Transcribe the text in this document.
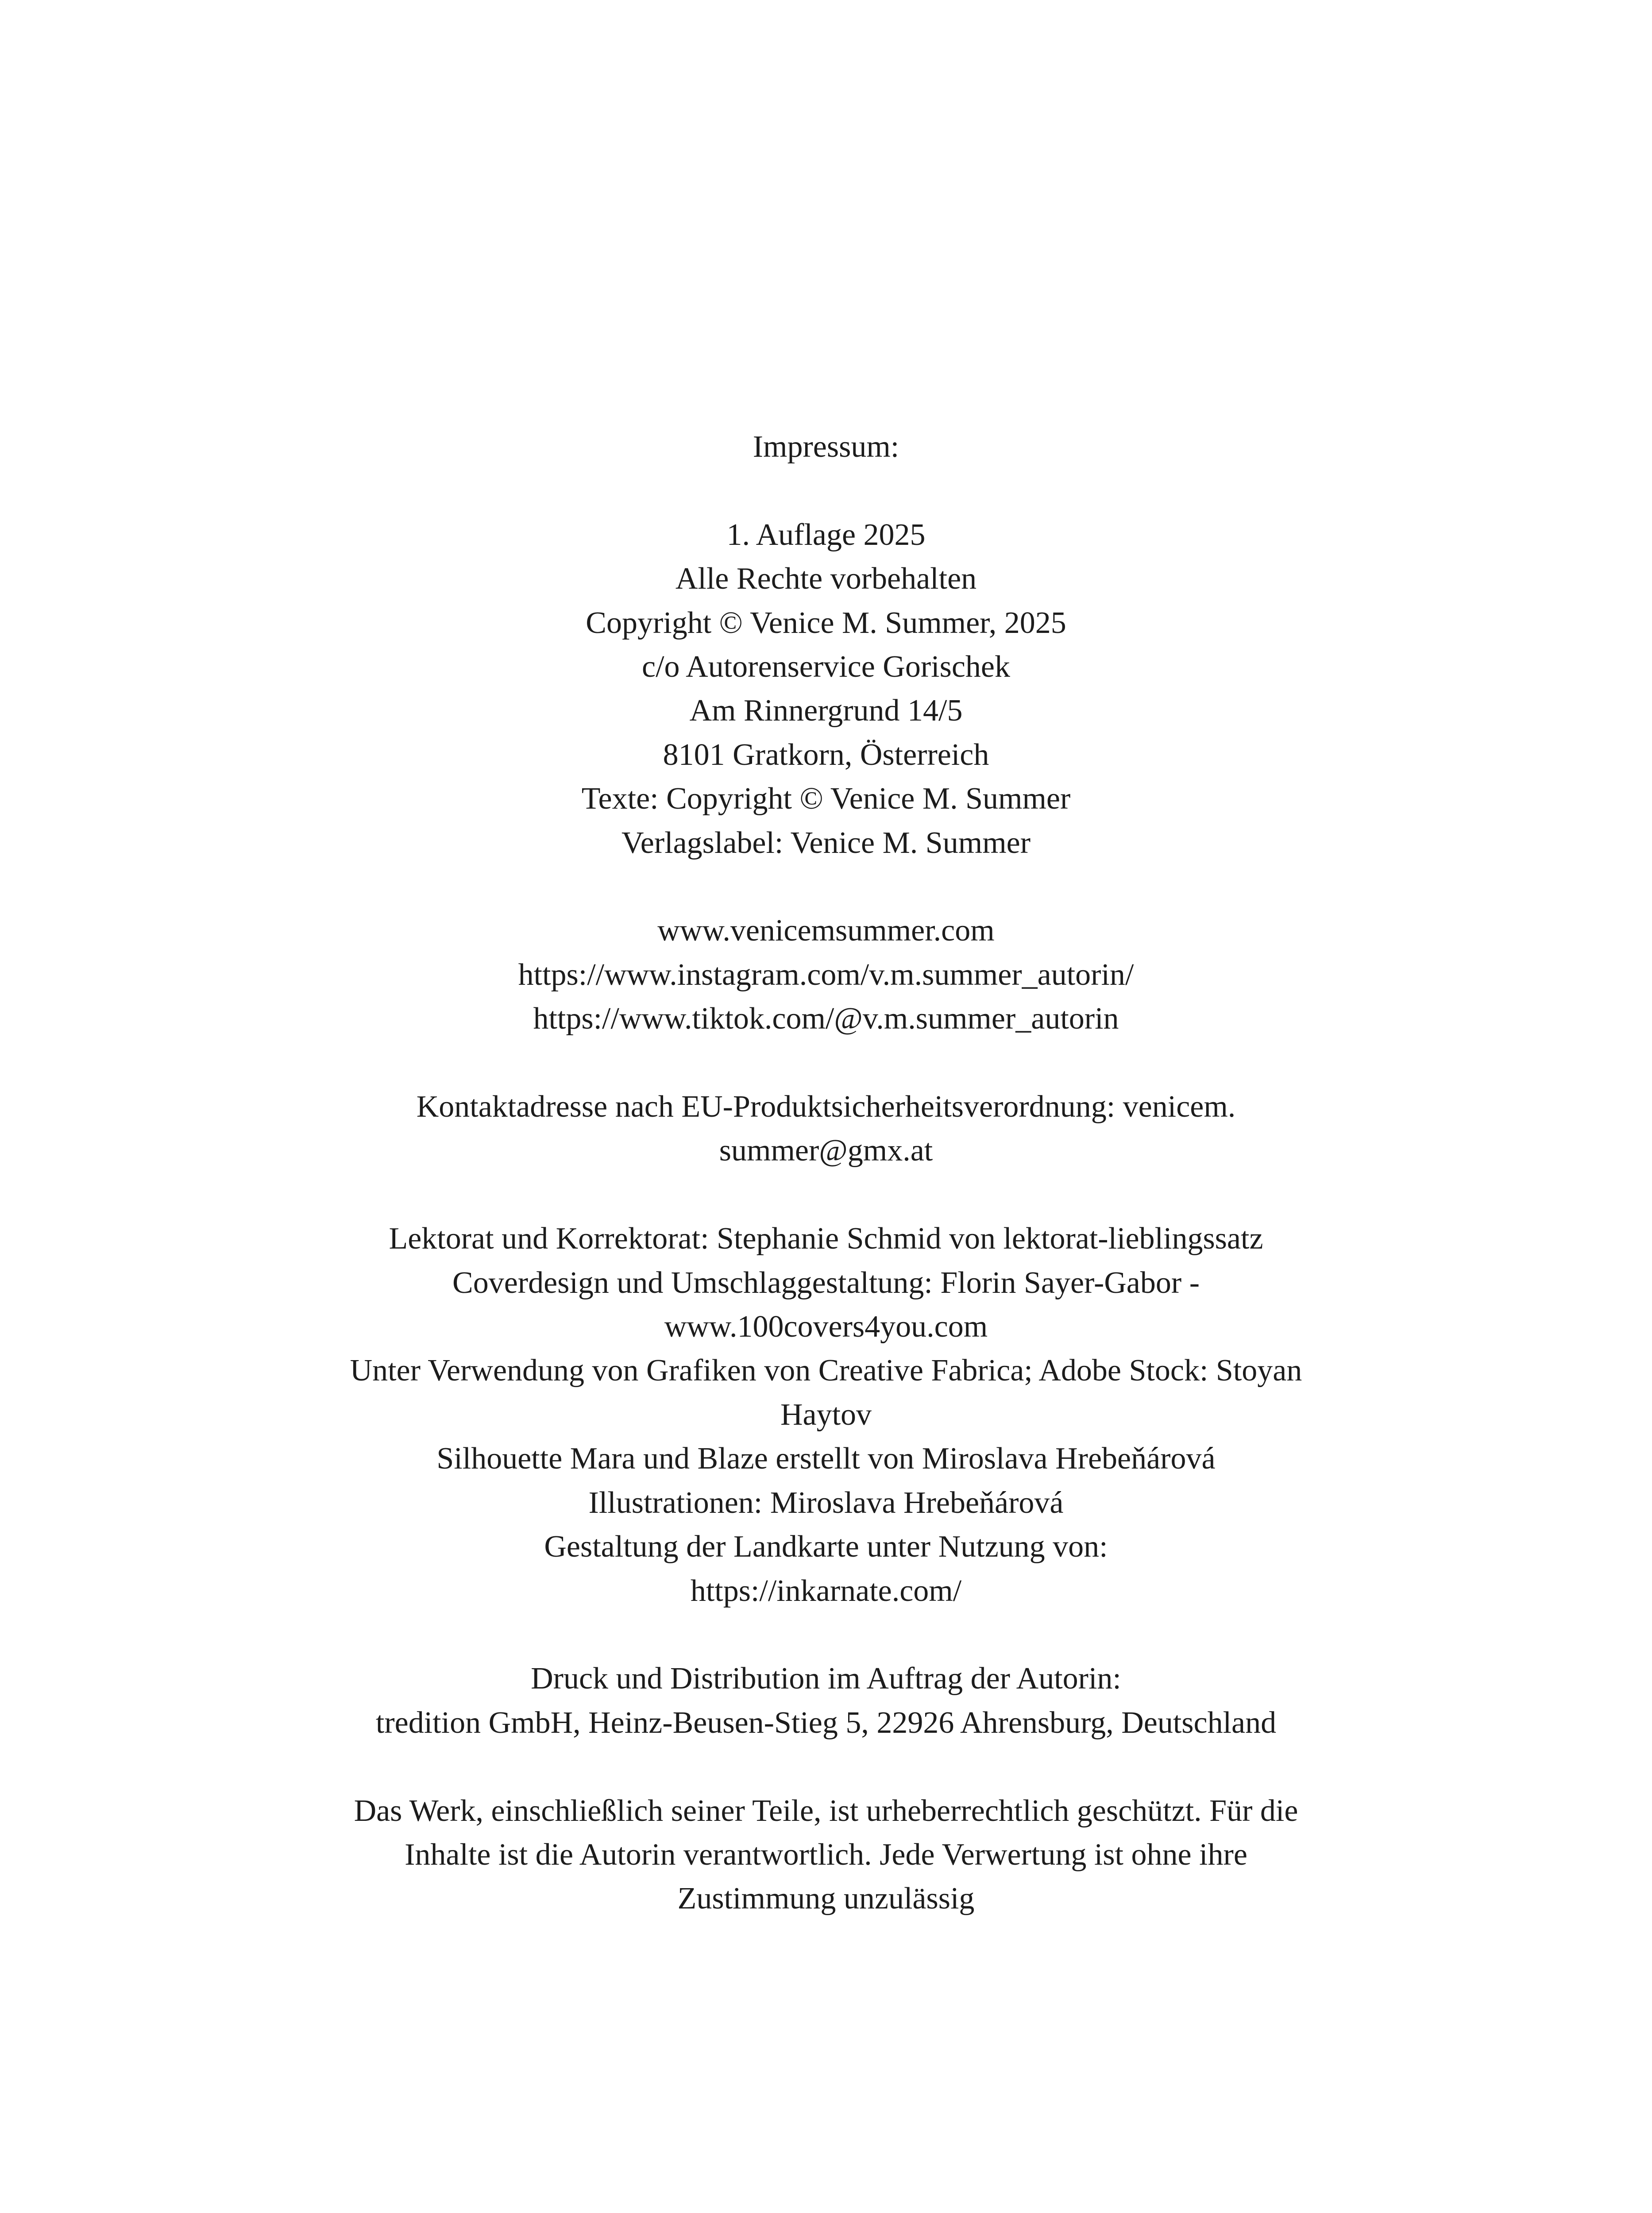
Impressum:
1. Auflage 2025
Alle Rechte vorbehalten
Copyright © Venice M. Summer, 2025
c/o Autorenservice Gorischek
Am Rinnergrund 14/5
8101 Gratkorn, Österreich
Texte: Copyright © Venice M. Summer
Verlagslabel: Venice M. Summer
www.venicemsummer.com
https://www.instagram.com/v.m.summer_autorin/
https://www.tiktok.com/@v.m.summer_autorin
Kontaktadresse nach EU-Produktsicherheitsverordnung: venicem.
summer@gmx.at
Lektorat und Korrektorat: Stephanie Schmid von lektorat-lieblingssatz
Coverdesign und Umschlaggestaltung: Florin Sayer-Gabor -
www.100covers4you.com
Unter Verwendung von Grafiken von Creative Fabrica; Adobe Stock: Stoyan
Haytov
Silhouette Mara und Blaze erstellt von Miroslava Hrebeňárová
Illustrationen: Miroslava Hrebeňárová
Gestaltung der Landkarte unter Nutzung von:
https://inkarnate.com/
Druck und Distribution im Auftrag der Autorin:
tredition GmbH, Heinz-Beusen-Stieg 5, 22926 Ahrensburg, Deutschland
Das Werk, einschließlich seiner Teile, ist urheberrechtlich geschützt. Für die
Inhalte ist die Autorin verantwortlich. Jede Verwertung ist ohne ihre
Zustimmung unzulässig
